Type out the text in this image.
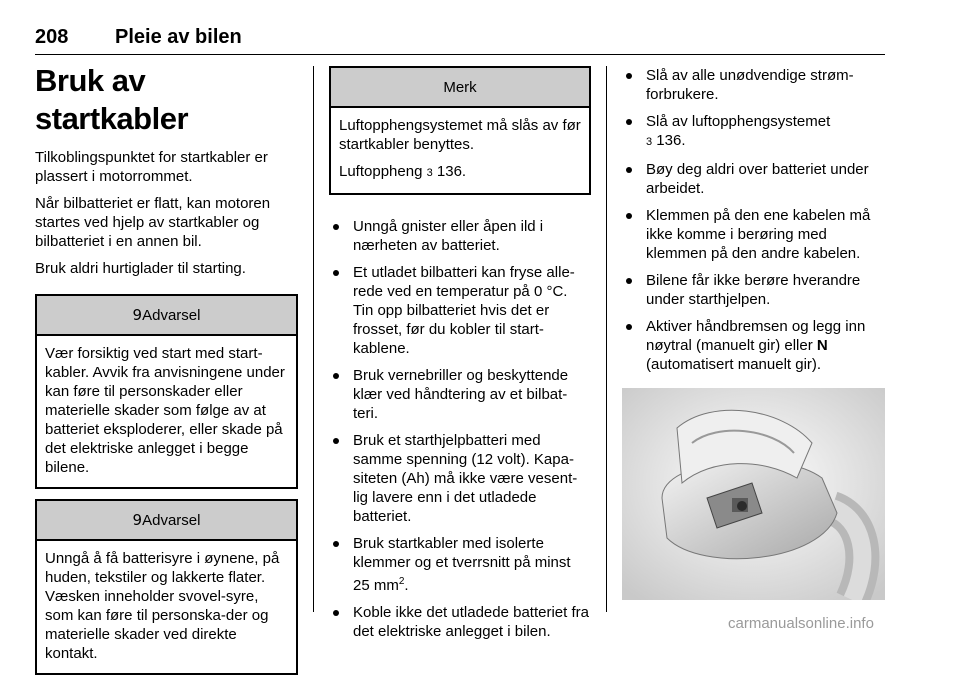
208 Pleie av bilen
Bruk av startkabler

Tilkoblingspunktet for startkabler er plassert i motorrommet.

Når bilbatteriet er flatt, kan motoren startes ved hjelp av startkabler og bilbatteriet i en annen bil.

Bruk aldri hurtiglader til starting.

9 Advarsel

Vær forsiktig ved start med start-kabler. Avvik fra anvisningene under kan føre til personskader eller materielle skader som følge av at batteriet eksploderer, eller skade på det elektriske anlegget i begge bilene.

9 Advarsel

Unngå å få batterisyre i øynene, på huden, tekstiler og lakkerte flater. Væsken inneholder svovel-syre, som kan føre til personska-der og materielle skader ved direkte kontakt.

Merk

Luftopphengsystemet må slås av før startkabler benyttes.

Luftoppheng 3 136.

Unngå gnister eller åpen ild i nærheten av batteriet.
Et utladet bilbatteri kan fryse alle-rede ved en temperatur på 0 °C. Tin opp bilbatteriet hvis det er frosset, før du kobler til start-kablene.
Bruk vernebriller og beskyttende klær ved håndtering av et bilbat-teri.
Bruk et starthjelpbatteri med samme spenning (12 volt). Kapa-siteten (Ah) må ikke være vesent-lig lavere enn i det utladede batteriet.
Bruk startkabler med isolerte klemmer og et tverrsnitt på minst 25 $mm^2$.
Koble ikke det utladede batteriet fra det elektriske anlegget i bilen.
Slå av alle unødvendige strøm-forbrukere.
Slå av luftopphengsystemet
3 136.
Bøy deg aldri over batteriet under arbeidet.
Klemmen på den ene kabelen må ikke komme i berøring med klemmen på den andre kabelen.
Bilene får ikke berøre hverandre under starthjelpen.
Aktiver håndbremsen og legg inn nøytral (manuelt gir) eller N (automatisert manuelt gir).
carmanualsonline.info
